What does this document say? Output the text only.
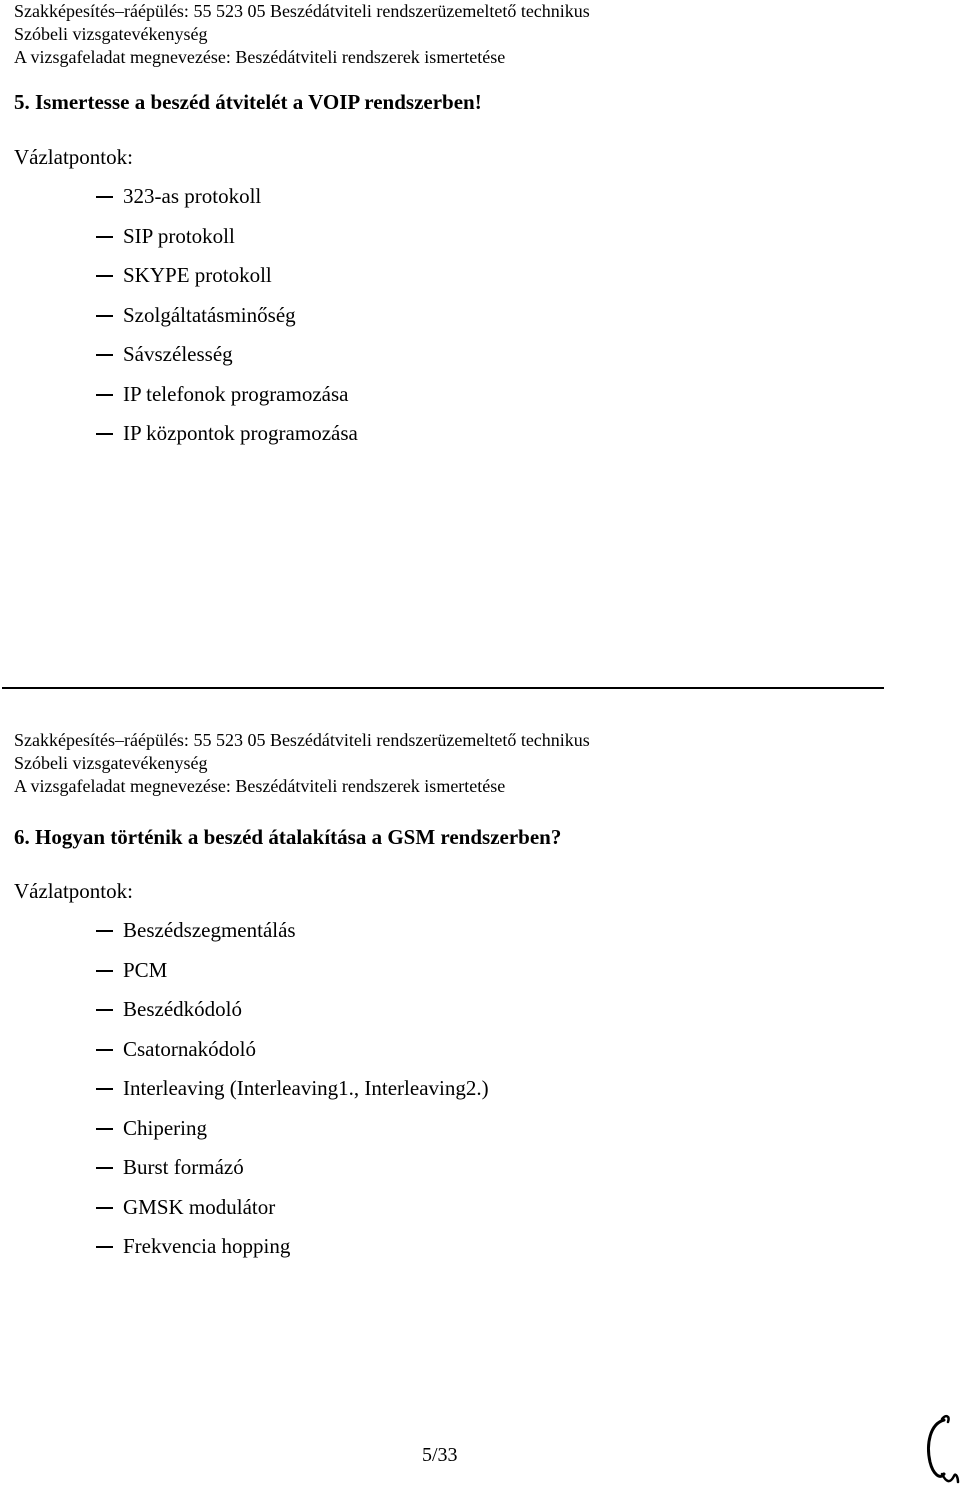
Szakképesítés–ráépülés: 55 523 05 Beszédátviteli rendszerüzemeltető technikus
Szóbeli vizsgatevékenység
A vizsgafeladat megnevezése: Beszédátviteli rendszerek ismertetése
5. Ismertesse a beszéd átvitelét a VOIP rendszerben!
Vázlatpontok:
323-as protokoll
SIP protokoll
SKYPE protokoll
Szolgáltatásminőség
Sávszélesség
IP telefonok programozása
IP központok programozása
Szakképesítés–ráépülés: 55 523 05 Beszédátviteli rendszerüzemeltető technikus
Szóbeli vizsgatevékenység
A vizsgafeladat megnevezése: Beszédátviteli rendszerek ismertetése
6. Hogyan történik a beszéd átalakítása a GSM rendszerben?
Vázlatpontok:
Beszédszegmentálás
PCM
Beszédkódoló
Csatornakódoló
Interleaving (Interleaving1., Interleaving2.)
Chipering
Burst formázó
GMSK modulátor
Frekvencia hopping
5/33
